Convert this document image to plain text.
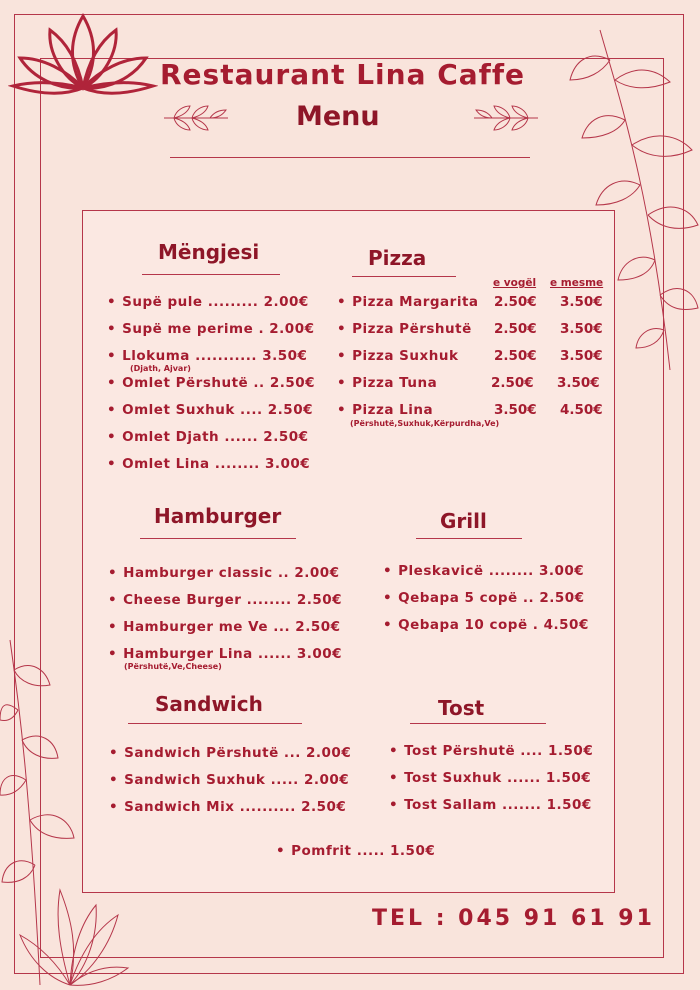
Restaurant Lina Caffe
Menu
Mëngjesi
• Supë pule ......... 2.00€
• Supë me perime . 2.00€
• Llokuma ........... 3.50€
(Djath, Ajvar)
• Omlet Përshutë .. 2.50€
• Omlet Suxhuk .... 2.50€
• Omlet Djath ...... 2.50€
• Omlet Lina ........ 3.00€
Pizza
e vogël e mesme
• Pizza Margarita 2.50€ 3.50€
• Pizza Përshutë 2.50€ 3.50€
• Pizza Suxhuk	2.50€ 3.50€
• Pizza Tuna	2.50€ 3.50€
• Pizza Lina	3.50€ 4.50€
(Përshutë,Suxhuk,Kërpurdha,Ve)
Hamburger
• Hamburger classic .. 2.00€
• Cheese Burger ........ 2.50€
• Hamburger me Ve ... 2.50€
• Hamburger Lina ...... 3.00€
(Përshutë,Ve,Cheese)
Grill
• Pleskavicë ........ 3.00€
• Qebapa 5 copë .. 2.50€
• Qebapa 10 copë . 4.50€
Sandwich
• Sandwich Përshutë ... 2.00€
• Sandwich Suxhuk ..... 2.00€
• Sandwich Mix .......... 2.50€
Tost
• Tost Përshutë .... 1.50€
• Tost Suxhuk ...... 1.50€
• Tost Sallam ....... 1.50€
• Pomfrit ..... 1.50€
TEL : 045 91 61 91
